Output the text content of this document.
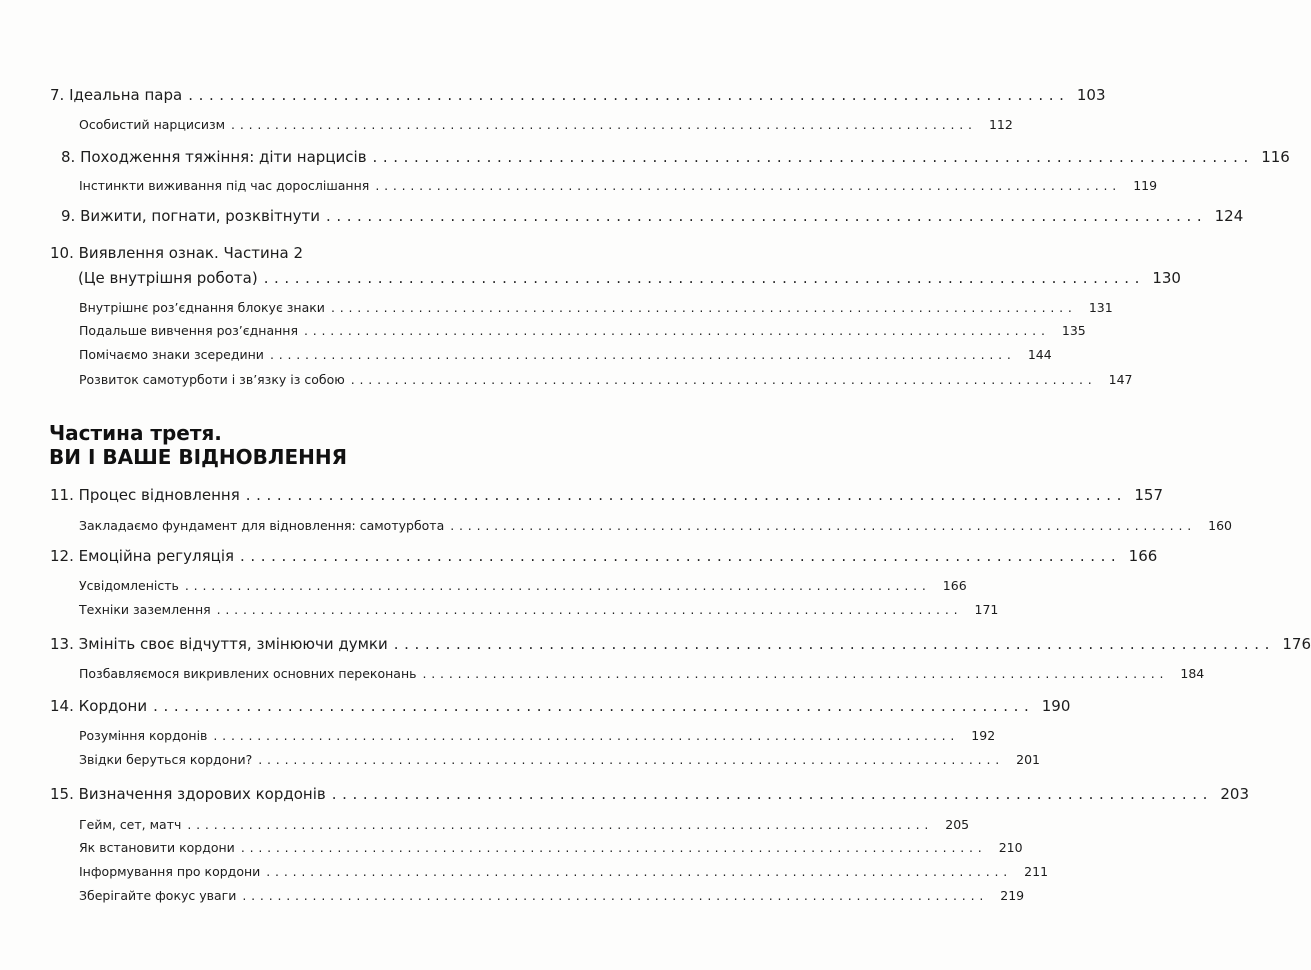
7. Ідеальна пара ..................................................................................... 103
Особистий нарцисизм ..................................................................................... 112
8. Походження тяжіння: діти нарцисів ..................................................................................... 116
Інстинкти виживання під час дорослішання ..................................................................................... 119
9. Вижити, погнати, розквітнути ..................................................................................... 124
10. Виявлення ознак. Частина 2
(Це внутрішня робота) ..................................................................................... 130
Внутрішнє роз’єднання блокує знаки ..................................................................................... 131
Подальше вивчення роз’єднання ..................................................................................... 135
Помічаємо знаки зсередини ..................................................................................... 144
Розвиток самотурботи і зв’язку із собою ..................................................................................... 147
Частина третя.
ВИ І ВАШЕ ВІДНОВЛЕННЯ
11. Процес відновлення ..................................................................................... 157
Закладаємо фундамент для відновлення: самотурбота ..................................................................................... 160
12. Емоційна регуляція ..................................................................................... 166
Усвідомленість ..................................................................................... 166
Техніки заземлення ..................................................................................... 171
13. Змініть своє відчуття, змінюючи думки ..................................................................................... 176
Позбавляємося викривлених основних переконань ..................................................................................... 184
14. Кордони ..................................................................................... 190
Розуміння кордонів ..................................................................................... 192
Звідки беруться кордони? ..................................................................................... 201
15. Визначення здорових кордонів ..................................................................................... 203
Гейм, сет, матч ..................................................................................... 205
Як встановити кордони ..................................................................................... 210
Інформування про кордони ..................................................................................... 211
Зберігайте фокус уваги ..................................................................................... 219
